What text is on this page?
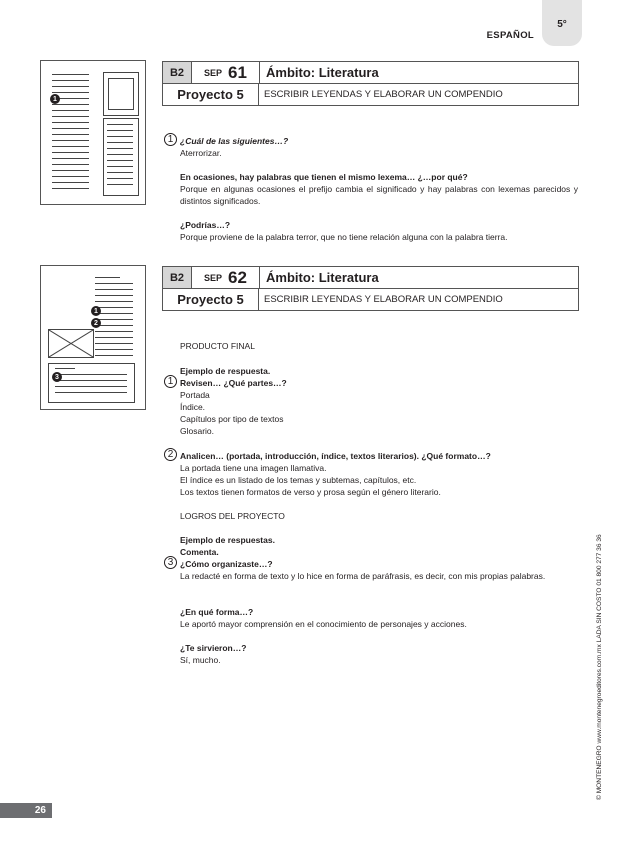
ESPAÑOL
5°
1
B2	SEP 61	Ámbito: Literatura
Proyecto 5	ESCRIBIR LEYENDAS Y ELABORAR UN COMPENDIO
1 ¿Cuál de las siguientes…?
Aterrorizar.
En ocasiones, hay palabras que tienen el mismo lexema… ¿…por qué?
Porque en algunas ocasiones el prefijo cambia el significado y hay palabras con lexemas parecidos y distintos significados.
¿Podrías…?
Porque proviene de la palabra terror, que no tiene relación alguna con la palabra tierra.
1
2
3
B2	SEP 62	Ámbito: Literatura
Proyecto 5	ESCRIBIR LEYENDAS Y ELABORAR UN COMPENDIO
PRODUCTO FINAL
Ejemplo de respuesta.
1 Revisen… ¿Qué partes…?
Portada
Índice.
Capítulos por tipo de textos
Glosario.
2 Analicen… (portada, introducción, índice, textos literarios). ¿Qué formato…?
La portada tiene una imagen llamativa.
El índice es un listado de los temas y subtemas, capítulos, etc.
Los textos tienen formatos de verso y prosa según el género literario.
LOGROS DEL PROYECTO
Ejemplo de respuestas.
Comenta.
3 ¿Cómo organizaste…?
La redacté en forma de texto y lo hice en forma de paráfrasis, es decir, con mis propias palabras.
¿En qué forma…?
Le aportó mayor comprensión en el conocimiento de personajes y acciones.
¿Te sirvieron…?
Sí, mucho.	© MONTENEGRO www.montenegroeditores.com.mx LADA SIN COSTO 01 800 277 36 36
26
